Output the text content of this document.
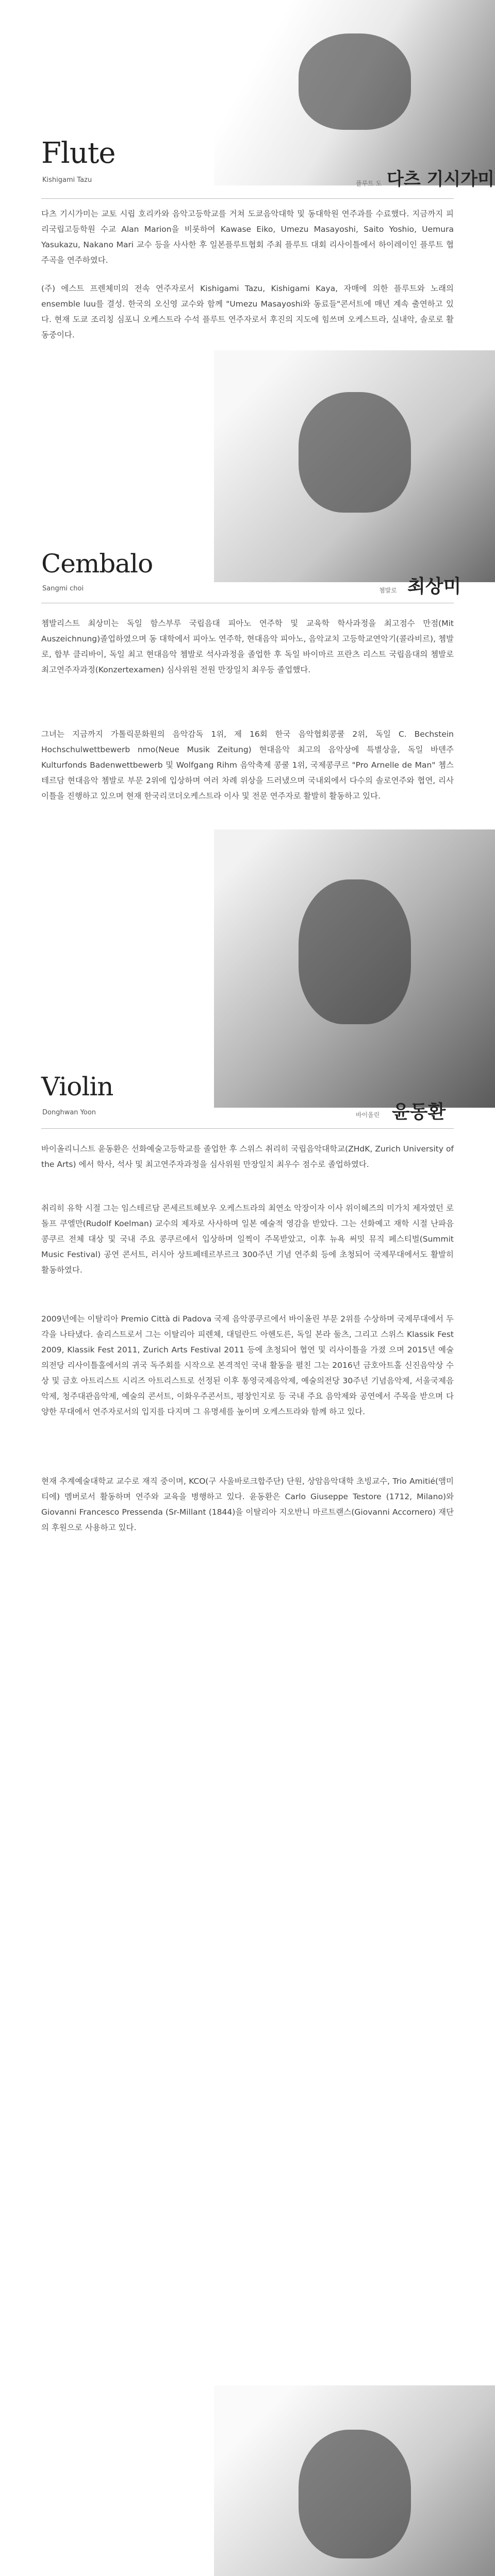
Flute
Kishigami Tazu	플루트 도 다츠 기시가미

다츠 기시가미는 교토 시립 호리카와 음악고등학교를 거쳐 도쿄음악대학 및 동대학원 연주과를 수료했다. 지금까지 피리국립고등학원 수교 Alan Marion을 비롯하여 Kawase Eiko, Umezu Masayoshi, Saito Yoshio, Uemura Yasukazu, Nakano Mari 교수 등을 사사한 후 일본플루트협회 주최 플루트 대회 리사이틀에서 하이레이인 플루트 협주곡을 연주하였다.

(주) 에스트 프렌체미의 전속 연주자로서 Kishigami Tazu, Kishigami Kaya, 자매에 의한 플루트와 노래의 ensemble luu를 결성. 한국의 오신영 교수와 함께 "Umezu Masayoshi와 동료들"콘서트에 매년 계속 출연하고 있다. 현재 도쿄 조리칭 심포니 오케스트라 수석 플루트 연주자로서 후진의 지도에 힘쓰며 오케스트라, 실내악, 솔로로 활동중이다.

Cembalo
Sangmi choi	쳄발로 최상미

쳄발리스트 최상미는 독일 함스부루 국립음대 피아노 연주학 및 교육학 학사과정을 최고점수 만점(Mit Auszeichnung)졸업하였으며 동 대학에서 피아노 연주학, 현대음악 피아노, 음악교치 고등학교연악기(콜라비르), 쳄발로, 합부 클리바이, 독일 최고 현대음악 쳄발로 석사과정을 졸업한 후 독일 바이마르 프란츠 리스트 국립음대의 쳄발로 최고연주자과정(Konzertexamen) 심사위원 전원 만장일치 최우등 졸업했다.

그녀는 지금까지 가톨릭문화원의 음악감독 1위, 제 16회 한국 음악협회콩쿨 2위, 독일 C. Bechstein Hochschulwettbewerb nmo(Neue Musik Zeitung) 현대음악 최고의 음악상에 특별상을, 독일 바덴주 Kulturfonds Badenwettbewerb 및 Wolfgang Rihm 음악축제 콩쿨 1위, 국제콩쿠르 "Pro Arnelle de Man" 쳄스테르담 현대음악 쳄발로 부문 2위에 입상하며 여러 차례 위상을 드러냈으며 국내외에서 다수의 솔로연주와 협연, 리사이틀을 진행하고 있으며 현재 한국리코더오케스트라 이사 및 전문 연주자로 활발히 활동하고 있다.

Violin
Donghwan Yoon	바이올린 윤동환

바이올리니스트 윤동환은 선화예술고등학교를 졸업한 후 스위스 취리히 국립음악대학교(ZHdK, Zurich University of the Arts) 에서 학사, 석사 및 최고연주자과정을 심사위원 만장일치 최우수 점수로 졸업하였다.

취리히 유학 시절 그는 임스테르담 콘세르트헤보우 오케스트라의 최연소 악장이자 이사 위이헤즈의 미가치 제자였던 로돌프 쿠엘만(Rudolf Koelman) 교수의 제자로 사사하며 일본 예술적 영감을 받았다. 그는 선화예고 재학 시절 난파음콩쿠르 전체 대상 및 국내 주요 콩쿠르에서 입상하며 일찍이 주목받았고, 이후 뉴욕 써밋 뮤직 페스티벌(Summit Music Festival) 공연 콘서트, 러시아 상트페테르부르크 300주년 기념 연주회 등에 초청되어 국제무대에서도 활발히 활동하였다.

2009년에는 이탈리아 Premio Città di Padova 국제 음악콩쿠르에서 바이올린 부문 2위를 수상하며 국제무대에서 두각을 나타냈다. 솔리스트로서 그는 이탈리아 피렌체, 대덜란드 아헨도른, 독일 본라 둘츠, 그리고 스위스 Klassik Fest 2009, Klassik Fest 2011, Zurich Arts Festival 2011 등에 초청되어 협연 및 리사이틀을 가졌 으며 2015년 예술의전당 리사이틀홀에서의 귀국 독주회를 시작으로 본격적인 국내 활동을 펼친 그는 2016년 금호아트홀 신진음악상 수상 및 금호 아트리스트 시리즈 아트리스트로 선정된 이후 통영국제음악제, 예술의전당 30주년 기념음악제, 서울국제음악제, 청주대관음악제, 예술의 콘서트, 이화우주콘서트, 평창인지로 등 국내 주요 음악제와 공연에서 주목을 받으며 다양한 무대에서 연주자로서의 입지를 다지며 그 유명세를 높이며 오케스트라와 함께 하고 있다.

현재 추계예술대학교 교수로 재직 중이며, KCO(구 사울바로크합주단) 단원, 상암음악대학 초빙교수, Trio Amitié(앰미티에) 멤버로서 활동하며 연주와 교육을 병행하고 있다. 윤동환은 Carlo Giuseppe Testore (1712, Milano)와 Giovanni Francesco Pressenda (Sr-Millant (1844)을 이탈리아 지오반니 마르트랜스(Giovanni Accornero) 재단의 후원으로 사용하고 있다.
